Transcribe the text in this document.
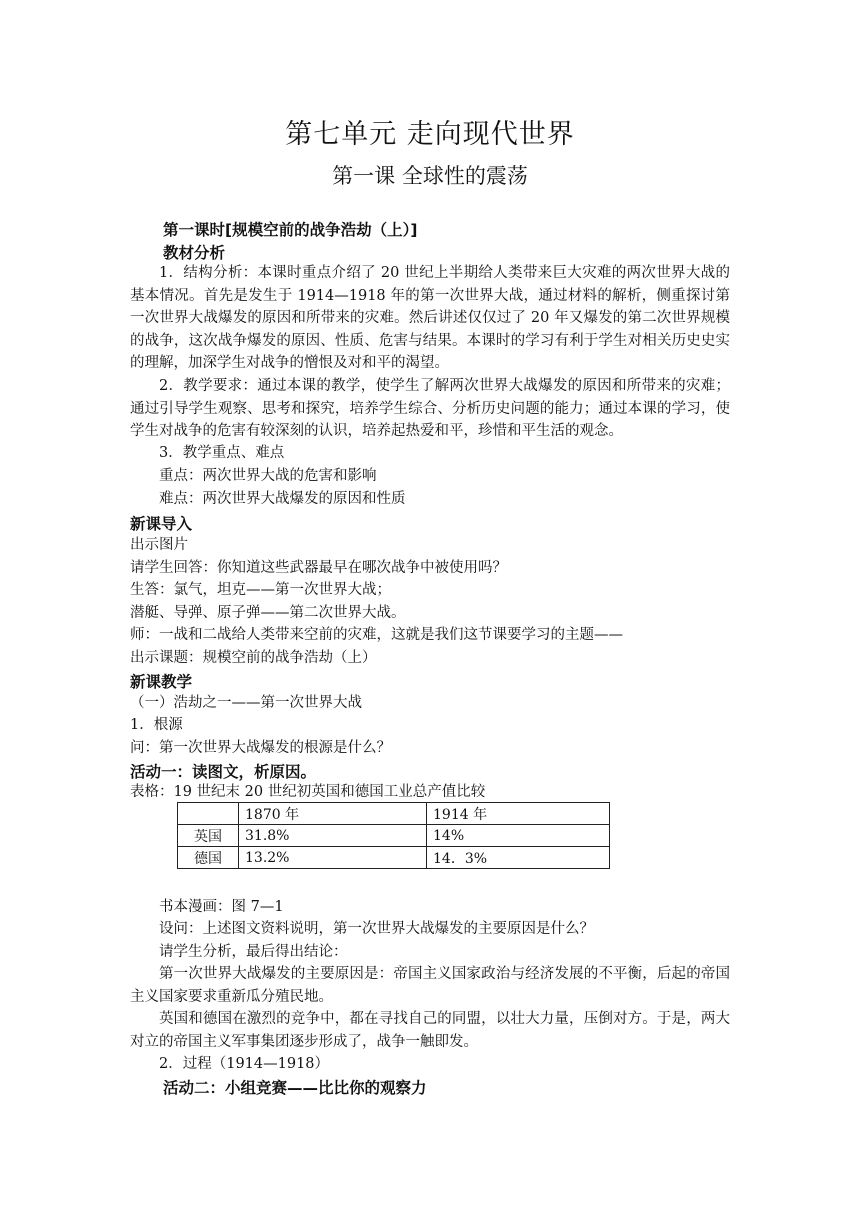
第七单元 走向现代世界
第一课 全球性的震荡
第一课时[规模空前的战争浩劫（上）]
教材分析
1．结构分析：本课时重点介绍了 20 世纪上半期给人类带来巨大灾难的两次世界大战的基本情况。首先是发生于 1914—1918 年的第一次世界大战，通过材料的解析，侧重探讨第一次世界大战爆发的原因和所带来的灾难。然后讲述仅仅过了 20 年又爆发的第二次世界规模的战争，这次战争爆发的原因、性质、危害与结果。本课时的学习有利于学生对相关历史史实的理解，加深学生对战争的憎恨及对和平的渴望。
2．教学要求：通过本课的教学，使学生了解两次世界大战爆发的原因和所带来的灾难；通过引导学生观察、思考和探究，培养学生综合、分析历史问题的能力；通过本课的学习，使学生对战争的危害有较深刻的认识，培养起热爱和平，珍惜和平生活的观念。
3．教学重点、难点
重点：两次世界大战的危害和影响
难点：两次世界大战爆发的原因和性质
新课导入
出示图片
请学生回答：你知道这些武器最早在哪次战争中被使用吗？
生答：氯气，坦克——第一次世界大战；
潜艇、导弹、原子弹——第二次世界大战。
师：一战和二战给人类带来空前的灾难，这就是我们这节课要学习的主题——
出示课题：规模空前的战争浩劫（上）
新课教学
（一）浩劫之一——第一次世界大战
1．根源
问：第一次世界大战爆发的根源是什么？
活动一：读图文，析原因。
表格：19 世纪末 20 世纪初英国和德国工业总产值比较
	1870 年	1914 年
英国	31.8%	14%
德国	13.2%	14．3%
书本漫画：图 7—1
设问：上述图文资料说明，第一次世界大战爆发的主要原因是什么？
请学生分析，最后得出结论：
第一次世界大战爆发的主要原因是：帝国主义国家政治与经济发展的不平衡，后起的帝国主义国家要求重新瓜分殖民地。
英国和德国在激烈的竞争中，都在寻找自己的同盟，以壮大力量，压倒对方。于是，两大对立的帝国主义军事集团逐步形成了，战争一触即发。
2．过程（1914—1918）
活动二：小组竞赛——比比你的观察力
